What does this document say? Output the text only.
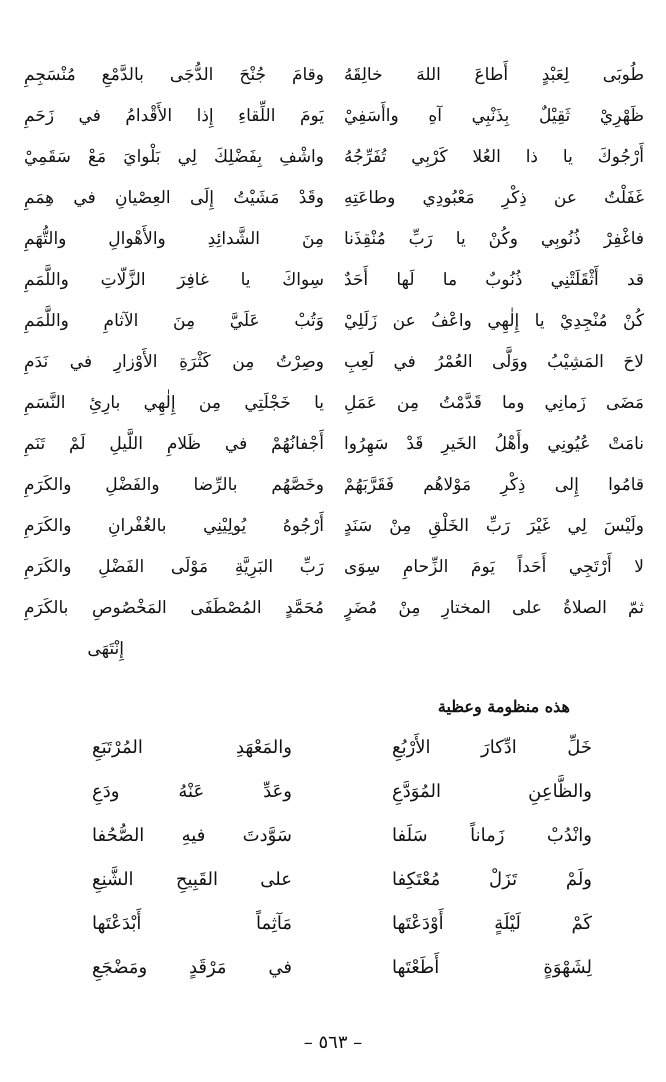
طُوبَى لِعَبْدٍ أَطاعَ اللهَ خالِقَهُ
وقامَ جُنْحَ الدُّجَى بالدَّمْعِ مُنْسَجِمِ
ظَهْرِيْ ثَقِيْلٌ بِذَنْبِي آهِ واأَسَفِيْ
يَومَ اللِّقاءِ إِذا الأَقْدامُ في زَحَمِ
أَرْجُوكَ يا ذا العُلا كَرْبِي تُفَرِّجُهُ
واشْفِ بِفَضْلِكَ لِي بَلْوايَ مَعْ سَقَمِيْ
غَفَلْتُ عن ذِكْرِ مَعْبُودِي وطاعَتِهِ
وقَدْ مَشَيْتُ إِلَى العِصْيانِ في هِمَمِ
فاغْفِرْ ذُنُوبِي وكُنْ يا رَبِّ مُنْقِذَنا
مِنَ الشَّدائِدِ والأَهْوالِ والتُّهَمِ
قد أَثْقَلَتْنِي ذُنُوبٌ ما لَها أَحَدٌ
سِواكَ يا غافِرَ الزَّلّاتِ واللَّمَمِ
كُنْ مُنْجِدِيْ يا إِلٰهِي واعْفُ عن زَلَلِيْ
وَتُبْ عَلَيَّ مِنَ الآثامِ واللَّمَمِ
لاحَ المَشِيْبُ ووَلَّى العُمْرُ في لَعِبِ
وصِرْتُ مِن كَثْرَةِ الأَوْزارِ في نَدَمِ
مَضَى زَمانِي وما قَدَّمْتُ مِن عَمَلِ
يا خَجْلَتِي مِن إِلٰهِي بارِئِ النَّسَمِ
نامَتْ عُيُونِي وأَهْلُ الخَيرِ قَدْ سَهِرُوا
أَجْفانُهُمْ في ظَلامِ اللَّيلِ لَمْ تَنَمِ
قامُوا إِلى ذِكْرِ مَوْلاهُم فَقَرَّبَهُمْ
وخَصَّهُم بالرِّضا والفَضْلِ والكَرَمِ
ولَيْسَ لِي غَيْرَ رَبِّ الخَلْقِ مِنْ سَنَدٍ
أَرْجُوهُ يُولِيْنِي بالغُفْرانِ والكَرَمِ
لا أَرْتَجِي أَحَداً يَومَ الزِّحامِ سِوَى
رَبِّ البَرِيَّةِ مَوْلَى الفَضْلِ والكَرَمِ
ثمّ الصلاةُ على المختارِ مِنْ مُضَرٍ
مُحَمَّدٍ المُصْطَفَى المَخْصُوصِ بالكَرَمِ
إِنْتَهَى
هذه منظومة وعظية
خَلِّ ادِّكارَ الأَرْبُعِ
والمَعْهَدِ المُرْتَبَعِ
والظَّاعِنِ المُوَدَّعِ
وعَدِّ عَنْهُ ودَعِ
وانْدُبْ زَماناً سَلَفا
سَوَّدتَ فيهِ الصُّحُفا
ولَمْ تَزَلْ مُعْتَكِفا
على القَبِيحِ الشَّنِعِ
كَمْ لَيْلَةٍ أَوْدَعْتَها
مَآثِماً أَبْدَعْتَها
لِشَهْوَةٍ أَطَعْتَها
في مَرْقَدٍ ومَضْجَعِ
– ٥٦٣ –
